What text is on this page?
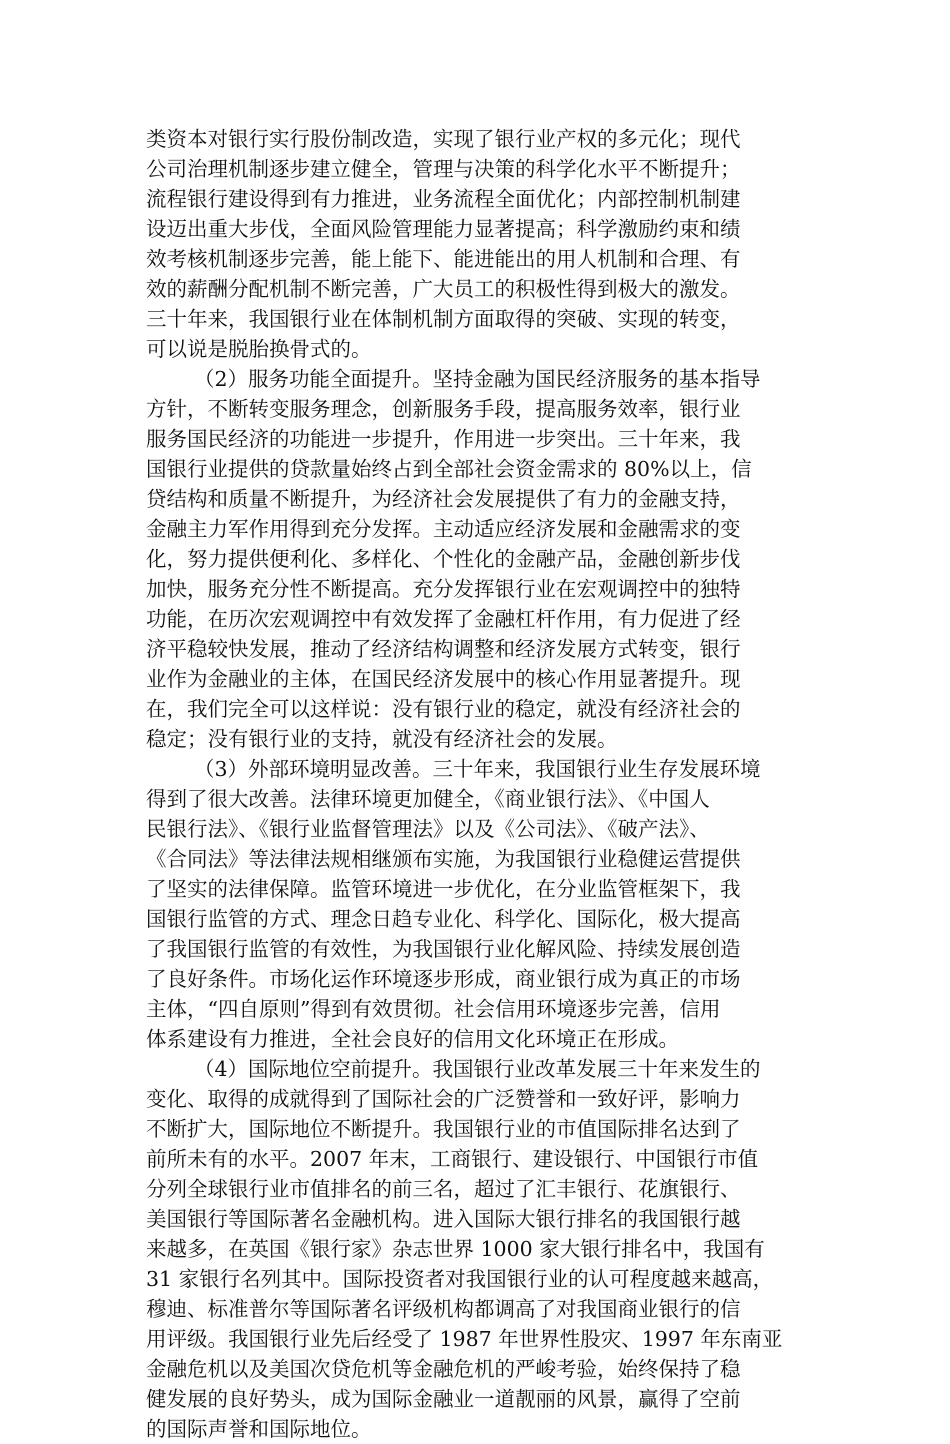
类资本对银行实行股份制改造，实现了银行业产权的多元化；现代
公司治理机制逐步建立健全，管理与决策的科学化水平不断提升；
流程银行建设得到有力推进，业务流程全面优化；内部控制机制建
设迈出重大步伐，全面风险管理能力显著提高；科学激励约束和绩
效考核机制逐步完善，能上能下、能进能出的用人机制和合理、有
效的薪酬分配机制不断完善，广大员工的积极性得到极大的激发。
三十年来，我国银行业在体制机制方面取得的突破、实现的转变，
可以说是脱胎换骨式的。
（2）服务功能全面提升。坚持金融为国民经济服务的基本指导
方针，不断转变服务理念，创新服务手段，提高服务效率，银行业
服务国民经济的功能进一步提升，作用进一步突出。三十年来，我
国银行业提供的贷款量始终占到全部社会资金需求的 80%以上，信
贷结构和质量不断提升，为经济社会发展提供了有力的金融支持，
金融主力军作用得到充分发挥。主动适应经济发展和金融需求的变
化，努力提供便利化、多样化、个性化的金融产品，金融创新步伐
加快，服务充分性不断提高。充分发挥银行业在宏观调控中的独特
功能，在历次宏观调控中有效发挥了金融杠杆作用，有力促进了经
济平稳较快发展，推动了经济结构调整和经济发展方式转变，银行
业作为金融业的主体，在国民经济发展中的核心作用显著提升。现
在，我们完全可以这样说：没有银行业的稳定，就没有经济社会的
稳定；没有银行业的支持，就没有经济社会的发展。
（3）外部环境明显改善。三十年来，我国银行业生存发展环境
得到了很大改善。法律环境更加健全，《商业银行法》、《中国人
民银行法》、《银行业监督管理法》以及《公司法》、《破产法》、
《合同法》等法律法规相继颁布实施，为我国银行业稳健运营提供
了坚实的法律保障。监管环境进一步优化，在分业监管框架下，我
国银行监管的方式、理念日趋专业化、科学化、国际化，极大提高
了我国银行监管的有效性，为我国银行业化解风险、持续发展创造
了良好条件。市场化运作环境逐步形成，商业银行成为真正的市场
主体，“四自原则”得到有效贯彻。社会信用环境逐步完善，信用
体系建设有力推进，全社会良好的信用文化环境正在形成。
（4）国际地位空前提升。我国银行业改革发展三十年来发生的
变化、取得的成就得到了国际社会的广泛赞誉和一致好评，影响力
不断扩大，国际地位不断提升。我国银行业的市值国际排名达到了
前所未有的水平。2007 年末，工商银行、建设银行、中国银行市值
分列全球银行业市值排名的前三名，超过了汇丰银行、花旗银行、
美国银行等国际著名金融机构。进入国际大银行排名的我国银行越
来越多，在英国《银行家》杂志世界 1000 家大银行排名中，我国有
31 家银行名列其中。国际投资者对我国银行业的认可程度越来越高，
穆迪、标准普尔等国际著名评级机构都调高了对我国商业银行的信
用评级。我国银行业先后经受了 1987 年世界性股灾、1997 年东南亚
金融危机以及美国次贷危机等金融危机的严峻考验，始终保持了稳
健发展的良好势头，成为国际金融业一道靓丽的风景，赢得了空前
的国际声誉和国际地位。
